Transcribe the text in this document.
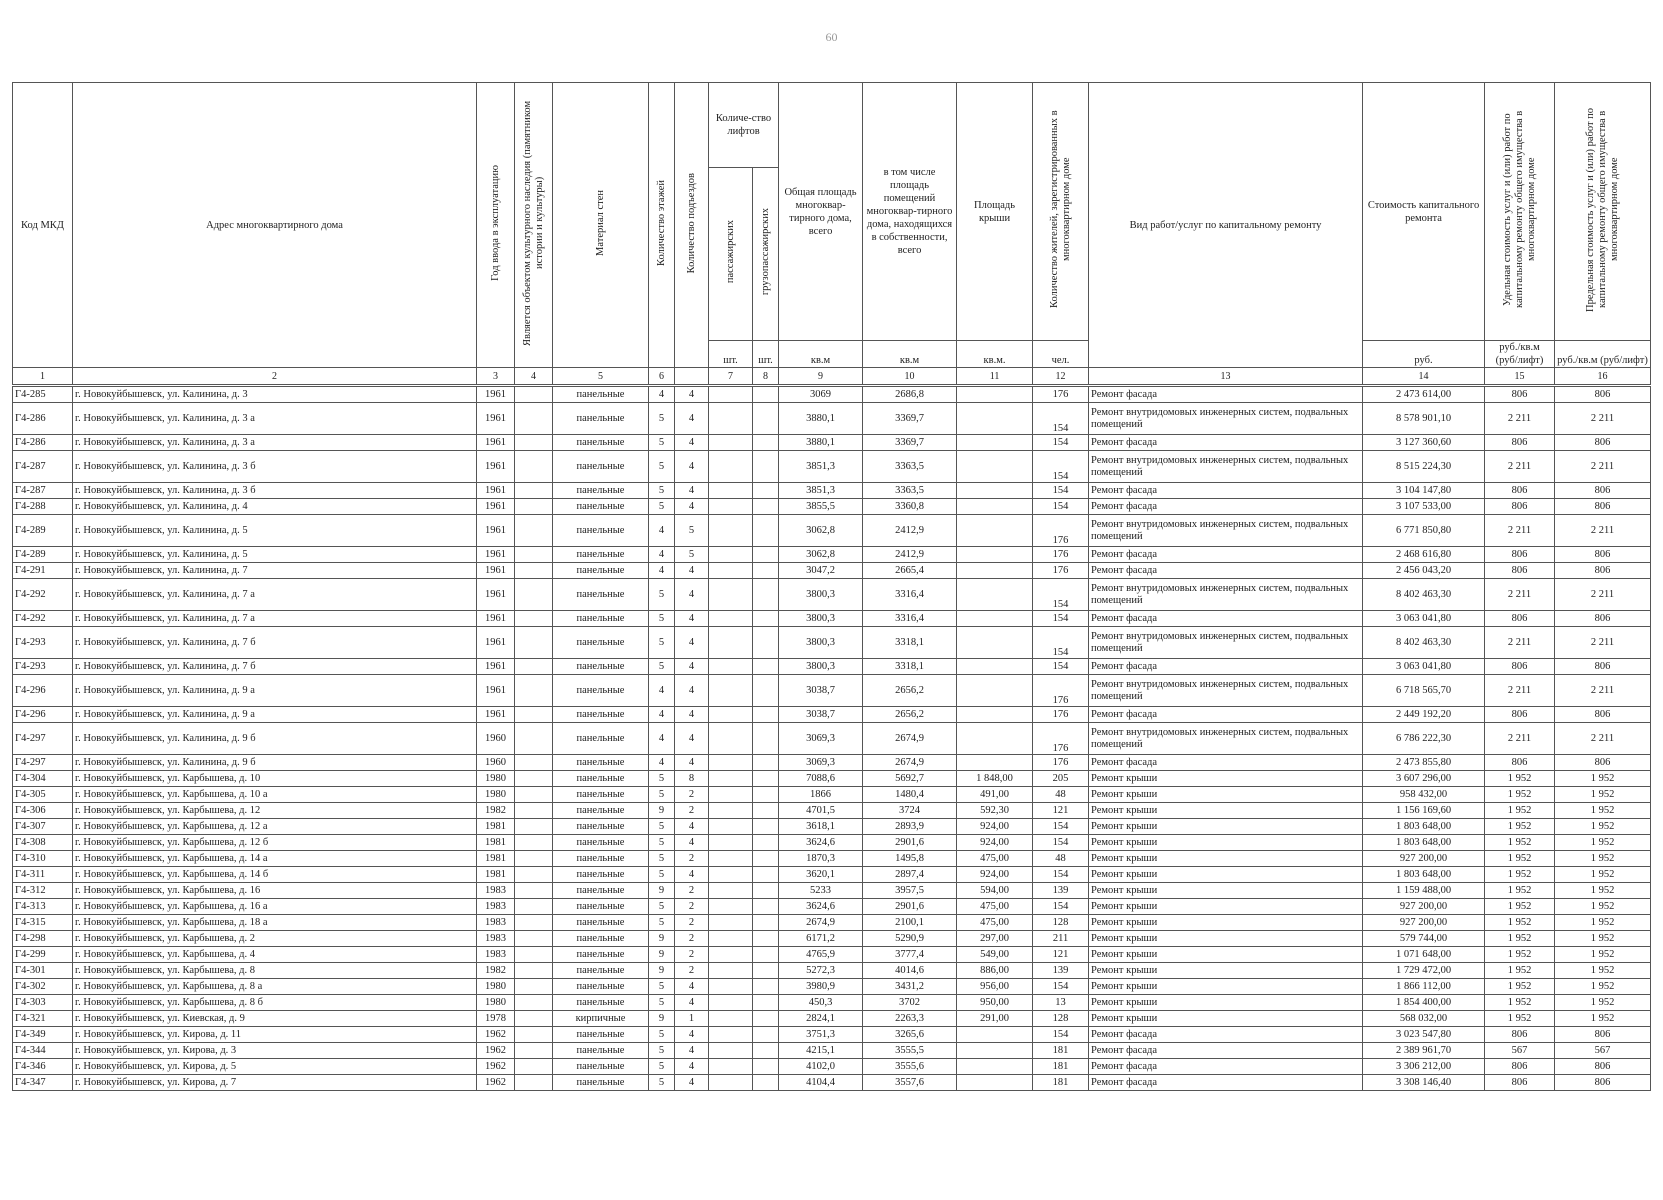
60
Код МКД	Адрес многоквартирного дома	Год ввода в эксплуатацию	Является объектом культурного наследия (памятником истории и культуры)	Материал стен	Количество этажей	Количество подъездов	Количе-ство лифтов		Общая площадь многоквар-тирного дома, всего	в том числе площадь помещений многоквар-тирного дома, находящихся в собственности, всего	Площадь крыши	Количество жителей, зарегистрированных в многоквартирном доме	Вид работ/услуг по капитальному ремонту	Стоимость капитального ремонта	Удельная стоимость услуг и (или) работ по капитальному ремонту общего имущества в многоквартирном доме	Предельная стоимость услуг и (или) работ по капитальному ремонту общего имущества в многоквартирном доме
							пассажирских	грузопассажирских								
							шт.	шт.	кв.м	кв.м	кв.м.	чел.		руб.	руб./кв.м (руб/лифт)	руб./кв.м (руб/лифт)
1	2	3	4	5	6		7	8	9	10	11	12	13	14	15	16
Г4-285	г. Новокуйбышевск, ул. Калинина, д. 3	1961		панельные	4	4			3069	2686,8		176	Ремонт фасада	2 473 614,00	806	806
Г4-286	г. Новокуйбышевск, ул. Калинина, д. 3 а	1961		панельные	5	4			3880,1	3369,7		154	Ремонт внутридомовых инженерных систем, подвальных помещений	8 578 901,10	2 211	2 211
Г4-286	г. Новокуйбышевск, ул. Калинина, д. 3 а	1961		панельные	5	4			3880,1	3369,7		154	Ремонт фасада	3 127 360,60	806	806
Г4-287	г. Новокуйбышевск, ул. Калинина, д. 3 б	1961		панельные	5	4			3851,3	3363,5		154	Ремонт внутридомовых инженерных систем, подвальных помещений	8 515 224,30	2 211	2 211
Г4-287	г. Новокуйбышевск, ул. Калинина, д. 3 б	1961		панельные	5	4			3851,3	3363,5		154	Ремонт фасада	3 104 147,80	806	806
Г4-288	г. Новокуйбышевск, ул. Калинина, д. 4	1961		панельные	5	4			3855,5	3360,8		154	Ремонт фасада	3 107 533,00	806	806
Г4-289	г. Новокуйбышевск, ул. Калинина, д. 5	1961		панельные	4	5			3062,8	2412,9		176	Ремонт внутридомовых инженерных систем, подвальных помещений	6 771 850,80	2 211	2 211
Г4-289	г. Новокуйбышевск, ул. Калинина, д. 5	1961		панельные	4	5			3062,8	2412,9		176	Ремонт фасада	2 468 616,80	806	806
Г4-291	г. Новокуйбышевск, ул. Калинина, д. 7	1961		панельные	4	4			3047,2	2665,4		176	Ремонт фасада	2 456 043,20	806	806
Г4-292	г. Новокуйбышевск, ул. Калинина, д. 7 а	1961		панельные	5	4			3800,3	3316,4		154	Ремонт внутридомовых инженерных систем, подвальных помещений	8 402 463,30	2 211	2 211
Г4-292	г. Новокуйбышевск, ул. Калинина, д. 7 а	1961		панельные	5	4			3800,3	3316,4		154	Ремонт фасада	3 063 041,80	806	806
Г4-293	г. Новокуйбышевск, ул. Калинина, д. 7 б	1961		панельные	5	4			3800,3	3318,1		154	Ремонт внутридомовых инженерных систем, подвальных помещений	8 402 463,30	2 211	2 211
Г4-293	г. Новокуйбышевск, ул. Калинина, д. 7 б	1961		панельные	5	4			3800,3	3318,1		154	Ремонт фасада	3 063 041,80	806	806
Г4-296	г. Новокуйбышевск, ул. Калинина, д. 9 а	1961		панельные	4	4			3038,7	2656,2		176	Ремонт внутридомовых инженерных систем, подвальных помещений	6 718 565,70	2 211	2 211
Г4-296	г. Новокуйбышевск, ул. Калинина, д. 9 а	1961		панельные	4	4			3038,7	2656,2		176	Ремонт фасада	2 449 192,20	806	806
Г4-297	г. Новокуйбышевск, ул. Калинина, д. 9 б	1960		панельные	4	4			3069,3	2674,9		176	Ремонт внутридомовых инженерных систем, подвальных помещений	6 786 222,30	2 211	2 211
Г4-297	г. Новокуйбышевск, ул. Калинина, д. 9 б	1960		панельные	4	4			3069,3	2674,9		176	Ремонт фасада	2 473 855,80	806	806
Г4-304	г. Новокуйбышевск, ул. Карбышева, д. 10	1980		панельные	5	8			7088,6	5692,7	1 848,00	205	Ремонт крыши	3 607 296,00	1 952	1 952
Г4-305	г. Новокуйбышевск, ул. Карбышева, д. 10 а	1980		панельные	5	2			1866	1480,4	491,00	48	Ремонт крыши	958 432,00	1 952	1 952
Г4-306	г. Новокуйбышевск, ул. Карбышева, д. 12	1982		панельные	9	2			4701,5	3724	592,30	121	Ремонт крыши	1 156 169,60	1 952	1 952
Г4-307	г. Новокуйбышевск, ул. Карбышева, д. 12 а	1981		панельные	5	4			3618,1	2893,9	924,00	154	Ремонт крыши	1 803 648,00	1 952	1 952
Г4-308	г. Новокуйбышевск, ул. Карбышева, д. 12 б	1981		панельные	5	4			3624,6	2901,6	924,00	154	Ремонт крыши	1 803 648,00	1 952	1 952
Г4-310	г. Новокуйбышевск, ул. Карбышева, д. 14 а	1981		панельные	5	2			1870,3	1495,8	475,00	48	Ремонт крыши	927 200,00	1 952	1 952
Г4-311	г. Новокуйбышевск, ул. Карбышева, д. 14 б	1981		панельные	5	4			3620,1	2897,4	924,00	154	Ремонт крыши	1 803 648,00	1 952	1 952
Г4-312	г. Новокуйбышевск, ул. Карбышева, д. 16	1983		панельные	9	2			5233	3957,5	594,00	139	Ремонт крыши	1 159 488,00	1 952	1 952
Г4-313	г. Новокуйбышевск, ул. Карбышева, д. 16 а	1983		панельные	5	2			3624,6	2901,6	475,00	154	Ремонт крыши	927 200,00	1 952	1 952
Г4-315	г. Новокуйбышевск, ул. Карбышева, д. 18 а	1983		панельные	5	2			2674,9	2100,1	475,00	128	Ремонт крыши	927 200,00	1 952	1 952
Г4-298	г. Новокуйбышевск, ул. Карбышева, д. 2	1983		панельные	9	2			6171,2	5290,9	297,00	211	Ремонт крыши	579 744,00	1 952	1 952
Г4-299	г. Новокуйбышевск, ул. Карбышева, д. 4	1983		панельные	9	2			4765,9	3777,4	549,00	121	Ремонт крыши	1 071 648,00	1 952	1 952
Г4-301	г. Новокуйбышевск, ул. Карбышева, д. 8	1982		панельные	9	2			5272,3	4014,6	886,00	139	Ремонт крыши	1 729 472,00	1 952	1 952
Г4-302	г. Новокуйбышевск, ул. Карбышева, д. 8 а	1980		панельные	5	4			3980,9	3431,2	956,00	154	Ремонт крыши	1 866 112,00	1 952	1 952
Г4-303	г. Новокуйбышевск, ул. Карбышева, д. 8 б	1980		панельные	5	4			450,3	3702	950,00	13	Ремонт крыши	1 854 400,00	1 952	1 952
Г4-321	г. Новокуйбышевск, ул. Киевская, д. 9	1978		кирпичные	9	1			2824,1	2263,3	291,00	128	Ремонт крыши	568 032,00	1 952	1 952
Г4-349	г. Новокуйбышевск, ул. Кирова, д. 11	1962		панельные	5	4			3751,3	3265,6		154	Ремонт фасада	3 023 547,80	806	806
Г4-344	г. Новокуйбышевск, ул. Кирова, д. 3	1962		панельные	5	4			4215,1	3555,5		181	Ремонт фасада	2 389 961,70	567	567
Г4-346	г. Новокуйбышевск, ул. Кирова, д. 5	1962		панельные	5	4			4102,0	3555,6		181	Ремонт фасада	3 306 212,00	806	806
Г4-347	г. Новокуйбышевск, ул. Кирова, д. 7	1962		панельные	5	4			4104,4	3557,6		181	Ремонт фасада	3 308 146,40	806	806
